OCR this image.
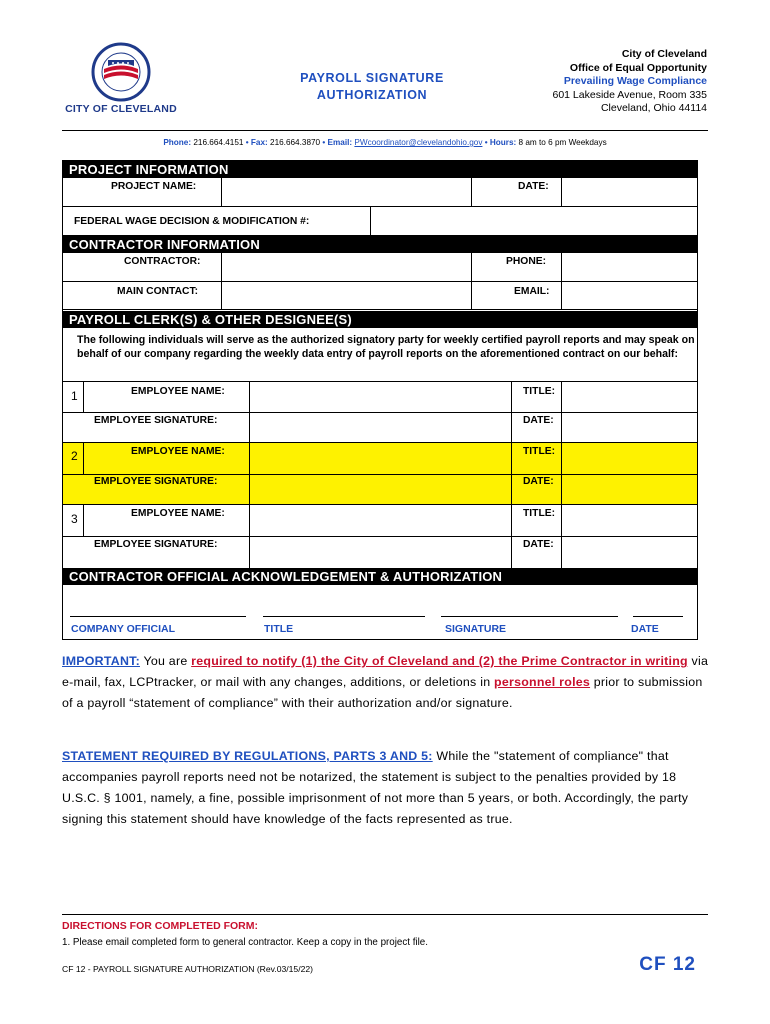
CITY OF CLEVELAND
PAYROLL SIGNATURE
AUTHORIZATION
City of Cleveland
Office of Equal Opportunity
Prevailing Wage Compliance
601 Lakeside Avenue, Room 335
Cleveland, Ohio 44114
Phone: 216.664.4151 • Fax: 216.664.3870 • Email: PWcoordinator@clevelandohio.gov • Hours: 8 am to 6 pm Weekdays
PROJECT INFORMATION
PROJECT NAME:	DATE:
FEDERAL WAGE DECISION & MODIFICATION #:
CONTRACTOR INFORMATION
CONTRACTOR:	PHONE:
MAIN CONTACT:	EMAIL:
PAYROLL CLERK(S) & OTHER DESIGNEE(S)
The following individuals will serve as the authorized signatory party for weekly certified payroll reports and may speak on behalf of our company regarding the weekly data entry of payroll reports on the aforementioned contract on our behalf:
1	EMPLOYEE NAME:	TITLE:
EMPLOYEE SIGNATURE:	DATE:
2	EMPLOYEE NAME:	TITLE:
EMPLOYEE SIGNATURE:	DATE:
3	EMPLOYEE NAME:	TITLE:
EMPLOYEE SIGNATURE:	DATE:
CONTRACTOR OFFICIAL ACKNOWLEDGEMENT & AUTHORIZATION
COMPANY OFFICIAL	TITLE	SIGNATURE	DATE
IMPORTANT: You are required to notify (1) the City of Cleveland and (2) the Prime Contractor in writing via e-mail, fax, LCPtracker, or mail with any changes, additions, or deletions in personnel roles prior to submission of a payroll “statement of compliance” with their authorization and/or signature.
STATEMENT REQUIRED BY REGULATIONS, PARTS 3 AND 5: While the "statement of compliance" that accompanies payroll reports need not be notarized, the statement is subject to the penalties provided by 18 U.S.C. § 1001, namely, a fine, possible imprisonment of not more than 5 years, or both. Accordingly, the party signing this statement should have knowledge of the facts represented as true.
DIRECTIONS FOR COMPLETED FORM:
1. Please email completed form to general contractor. Keep a copy in the project file.
CF 12 - PAYROLL SIGNATURE AUTHORIZATION (Rev.03/15/22)	CF 12
